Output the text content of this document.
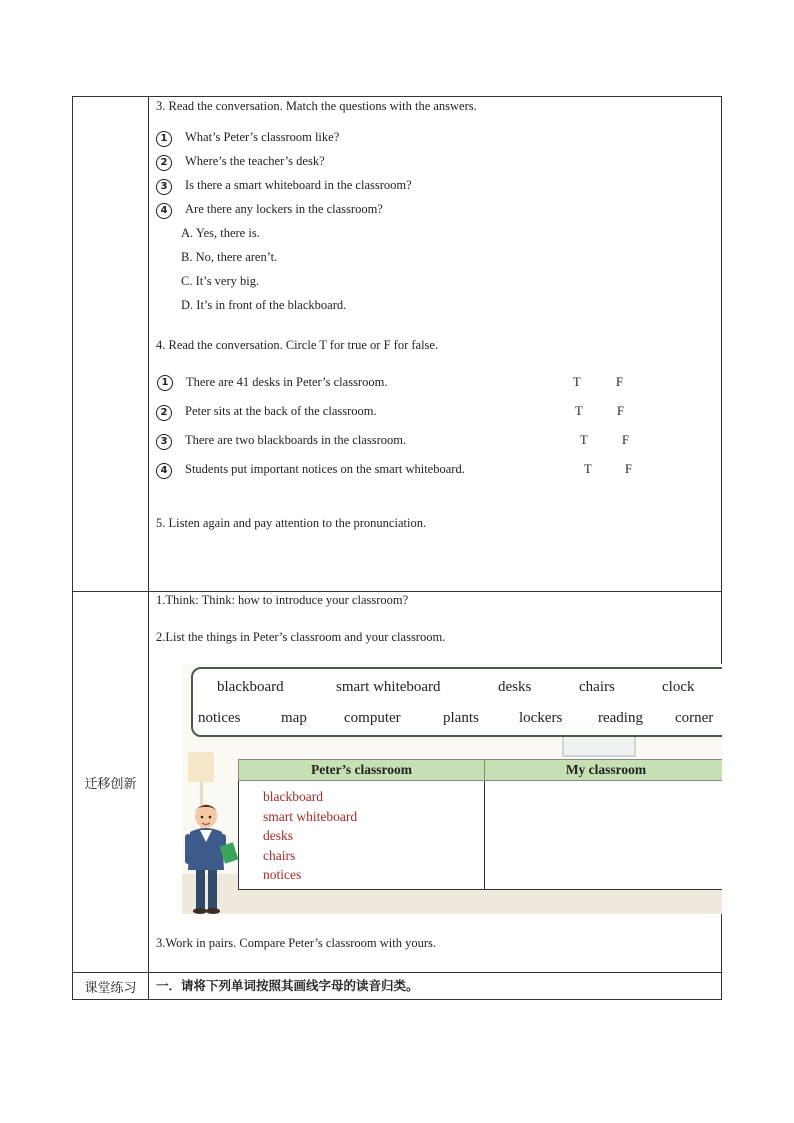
3. Read the conversation. Match the questions with the answers.
1	What’s Peter’s classroom like?
2	Where’s the teacher’s desk?
3	Is there a smart whiteboard in the classroom?
4	Are there any lockers in the classroom?
A. Yes, there is.
B. No, there aren’t.
C. It’s very big.
D. It’s in front of the blackboard.
4. Read the conversation. Circle T for true or F for false.
1	There are 41 desks in Peter’s classroom.	T	F
2	Peter sits at the back of the classroom.	T	F
3	There are two blackboards in the classroom.	T	F
4	Students put important notices on the smart whiteboard.	T	F
5. Listen again and pay attention to the pronunciation.

迁移创新	
1.Think: Think: how to introduce your classroom?
2.List the things in Peter’s classroom and your classroom.
blackboard	smart whiteboard	desks	chairs	clock
notices	map computer	plants	lockers reading corner
Peter’s classroom	My classroom

blackboard
smart whiteboard
desks
chairs
notices

3.Work in pairs. Compare Peter’s classroom with yours.

课堂练习	一．请将下列单词按照其画线字母的读音归类。
